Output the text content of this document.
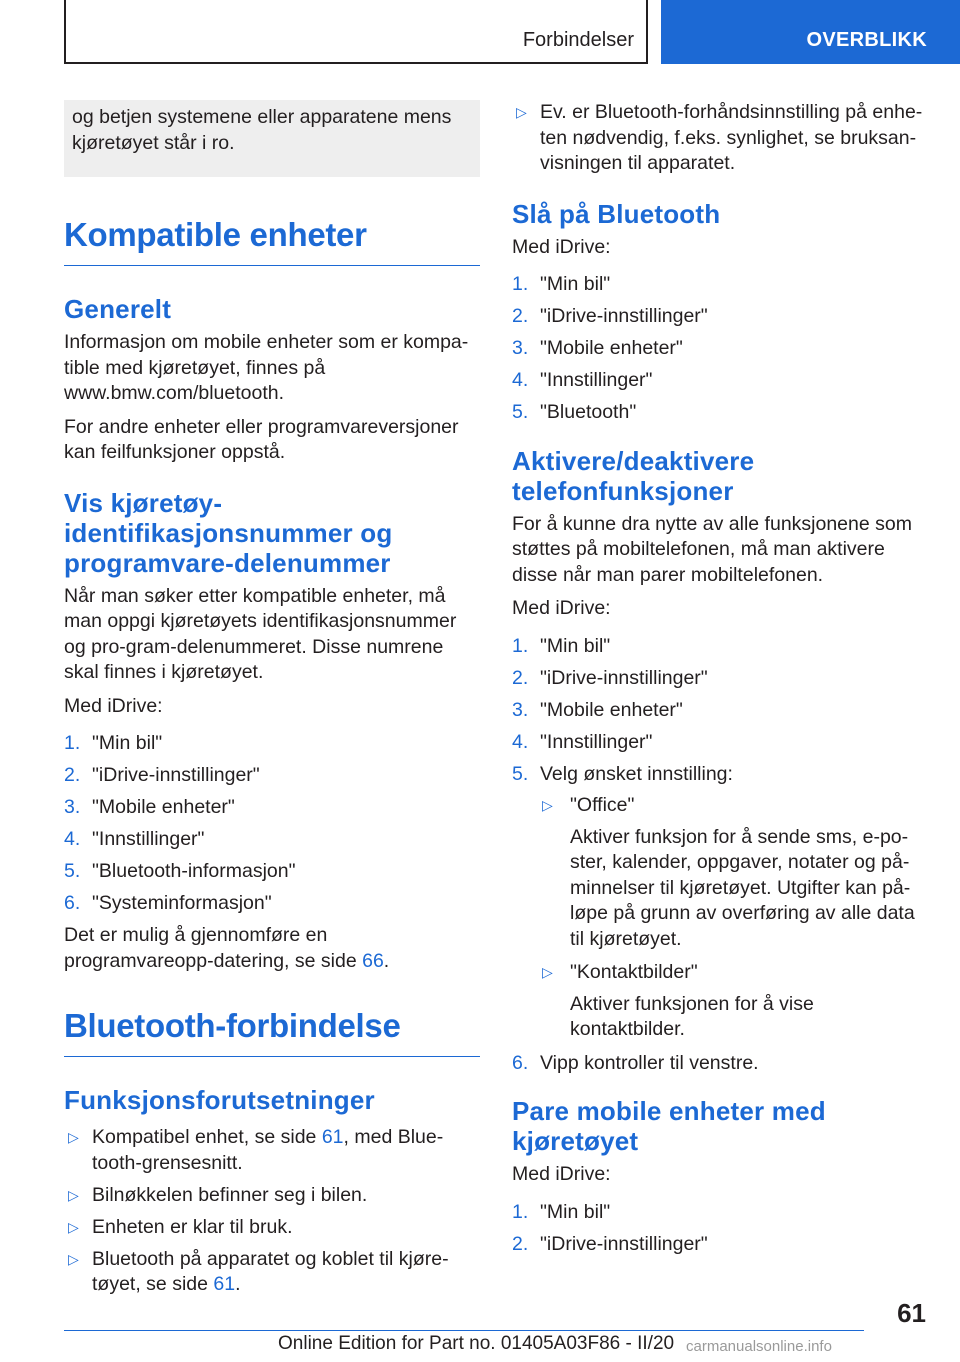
Forbindelser	OVERBLIKK
og betjen systemene eller apparatene mens kjøretøyet står i ro.
Kompatible enheter
Generelt

Informasjon om mobile enheter som er kompa-tible med kjøretøyet, finnes på www.bmw.com/bluetooth.

For andre enheter eller programvareversjoner kan feilfunksjoner oppstå.

Vis kjøretøy-identifikasjonsnummer og programvare-delenummer

Når man søker etter kompatible enheter, må man oppgi kjøretøyets identifikasjonsnummer og pro-gram-delenummeret. Disse numrene skal finnes i kjøretøyet.

Med iDrive:

1. "Min bil"
2. "iDrive-innstillinger"
3. "Mobile enheter"
4. "Innstillinger"
5. "Bluetooth-informasjon"
6. "Systeminformasjon"

Det er mulig å gjennomføre en programvareopp-datering, se side 66.

Bluetooth-forbindelse
Funksjonsforutsetninger
▷ Kompatibel enhet, se side 61, med Blue-tooth-grensesnitt.
▷ Bilnøkkelen befinner seg i bilen.
▷ Enheten er klar til bruk.
▷ Bluetooth på apparatet og koblet til kjøre-tøyet, se side 61.
▷ Ev. er Bluetooth-forhåndsinnstilling på enhe-ten nødvendig, f.eks. synlighet, se bruksan-visningen til apparatet.
Slå på Bluetooth

Med iDrive:

1. "Min bil"
2. "iDrive-innstillinger"
3. "Mobile enheter"
4. "Innstillinger"
5. "Bluetooth"
Aktivere/deaktivere telefonfunksjoner

For å kunne dra nytte av alle funksjonene som støttes på mobiltelefonen, må man aktivere disse når man parer mobiltelefonen.

Med iDrive:

1. "Min bil"
2. "iDrive-innstillinger"
3. "Mobile enheter"
4. "Innstillinger"
5. Velg ønsket innstilling:
▷ "Office"
Aktiver funksjon for å sende sms, e-po-ster, kalender, oppgaver, notater og på-minnelser til kjøretøyet. Utgifter kan på-løpe på grunn av overføring av alle data til kjøretøyet.
▷ "Kontaktbilder"
Aktiver funksjonen for å vise kontaktbilder.
6. Vipp kontroller til venstre.
Pare mobile enheter med kjøretøyet

Med iDrive:

1. "Min bil"
2. "iDrive-innstillinger"
61
Online Edition for Part no. 01405A03F86 - II/20 carmanualsonline.info
